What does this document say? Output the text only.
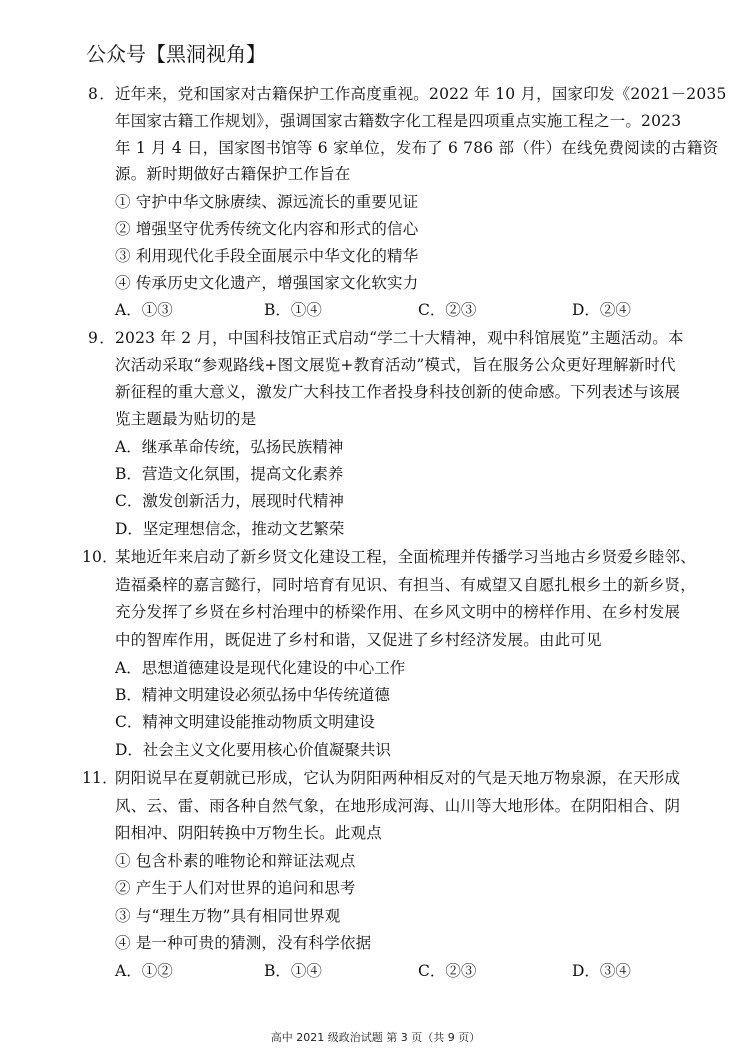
公众号【黑洞视角】
8．近年来，党和国家对古籍保护工作高度重视。2022 年 10 月，国家印发《2021－2035
年国家古籍工作规划》，强调国家古籍数字化工程是四项重点实施工程之一。2023
年 1 月 4 日，国家图书馆等 6 家单位，发布了 6 786 部（件）在线免费阅读的古籍资
源。新时期做好古籍保护工作旨在
① 守护中华文脉赓续、源远流长的重要见证
② 增强坚守优秀传统文化内容和形式的信心
③ 利用现代化手段全面展示中华文化的精华
④ 传承历史文化遗产，增强国家文化软实力
A．①③	B．①④	C．②③	D．②④
9．2023 年 2 月，中国科技馆正式启动“学二十大精神，观中科馆展览”主题活动。本
次活动采取“参观路线+图文展览+教育活动”模式，旨在服务公众更好理解新时代
新征程的重大意义，激发广大科技工作者投身科技创新的使命感。下列表述与该展
览主题最为贴切的是
A．继承革命传统，弘扬民族精神
B．营造文化氛围，提高文化素养
C．激发创新活力，展现时代精神
D．坚定理想信念，推动文艺繁荣
10．某地近年来启动了新乡贤文化建设工程，全面梳理并传播学习当地古乡贤爱乡睦邻、
造福桑梓的嘉言懿行，同时培育有见识、有担当、有威望又自愿扎根乡土的新乡贤，
充分发挥了乡贤在乡村治理中的桥梁作用、在乡风文明中的榜样作用、在乡村发展
中的智库作用，既促进了乡村和谐，又促进了乡村经济发展。由此可见
A．思想道德建设是现代化建设的中心工作
B．精神文明建设必须弘扬中华传统道德
C．精神文明建设能推动物质文明建设
D．社会主义文化要用核心价值凝聚共识
11．阴阳说早在夏朝就已形成，它认为阴阳两种相反对的气是天地万物泉源，在天形成
风、云、雷、雨各种自然气象，在地形成河海、山川等大地形体。在阴阳相合、阴
阳相冲、阴阳转换中万物生长。此观点
① 包含朴素的唯物论和辩证法观点
② 产生于人们对世界的追问和思考
③ 与“理生万物”具有相同世界观
④ 是一种可贵的猜测，没有科学依据
A．①②	B．①④	C．②③	D．③④
高中 2021 级政治试题 第 3 页（共 9 页）
